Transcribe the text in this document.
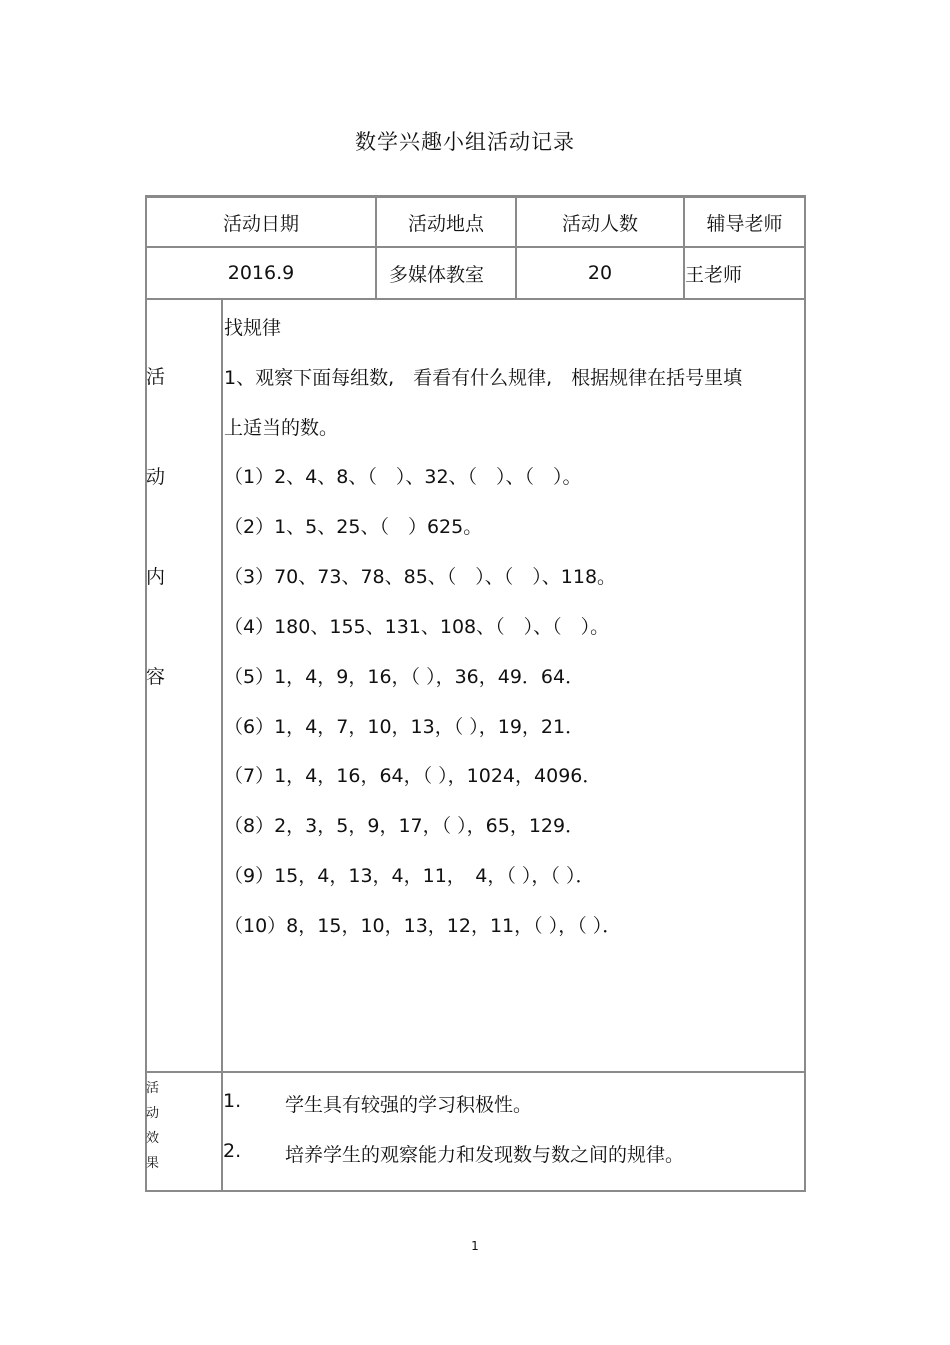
数学兴趣小组活动记录
活动日期	活动地点	活动人数	辅导老师
2016.9	多媒体教室	20	王老师
活
动
内
容
找规律
1、观察下面每组数,　看看有什么规律,　根据规律在括号里填
上适当的数。
（1）2、4、8、（　）、32、（　）、（　）。
（2）1、5、25、（　）625。
（3）70、73、78、85、（　）、（　）、118。
（4）180、155、131、108、（　）、（　）。
（5）1，4，9，16，（ ），36，49．64．
（6）1，4，7，10，13，（ ），19，21．
（7）1，4，16，64，（ ），1024，4096．
（8）2，3，5，9，17，（ ），65，129．
（9）15，4，13，4，11，　4，（ ），（ ）．
（10）8，15，10，13，12，11，（ ），（ ）．
活
动
效
果
1. 学生具有较强的学习积极性。
2. 培养学生的观察能力和发现数与数之间的规律。
1
